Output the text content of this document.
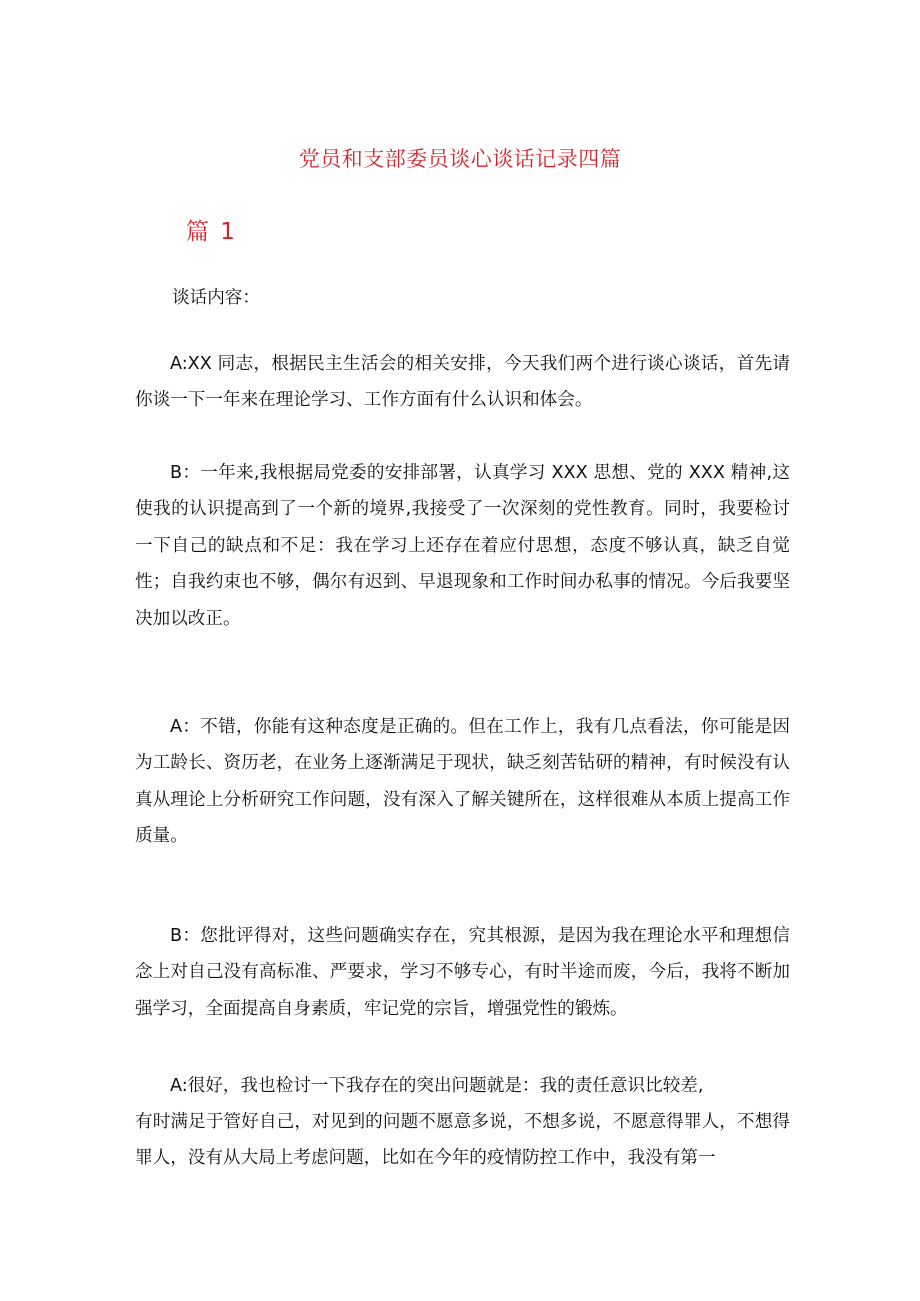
党员和支部委员谈心谈话记录四篇
篇 1

谈话内容：

A:XX 同志，根据民主生活会的相关安排，今天我们两个进行谈心谈话，首先请你谈一下一年来在理论学习、工作方面有什么认识和体会。

B：一年来,我根据局党委的安排部署，认真学习 XXX 思想、党的 XXX 精神,这使我的认识提高到了一个新的境界,我接受了一次深刻的党性教育。同时，我要检讨一下自己的缺点和不足：我在学习上还存在着应付思想，态度不够认真，缺乏自觉性；自我约束也不够，偶尔有迟到、早退现象和工作时间办私事的情况。今后我要坚决加以改正。

A：不错，你能有这种态度是正确的。但在工作上，我有几点看法，你可能是因为工龄长、资历老，在业务上逐渐满足于现状，缺乏刻苦钻研的精神，有时候没有认真从理论上分析研究工作问题，没有深入了解关键所在，这样很难从本质上提高工作质量。

B：您批评得对，这些问题确实存在，究其根源，是因为我在理论水平和理想信念上对自己没有高标准、严要求，学习不够专心，有时半途而废，今后，我将不断加强学习，全面提高自身素质，牢记党的宗旨，增强党性的锻炼。

A:很好，我也检讨一下我存在的突出问题就是：我的责任意识比较差,

有时满足于管好自己，对见到的问题不愿意多说，不想多说，不愿意得罪人，不想得罪人，没有从大局上考虑问题，比如在今年的疫情防控工作中，我没有第一
